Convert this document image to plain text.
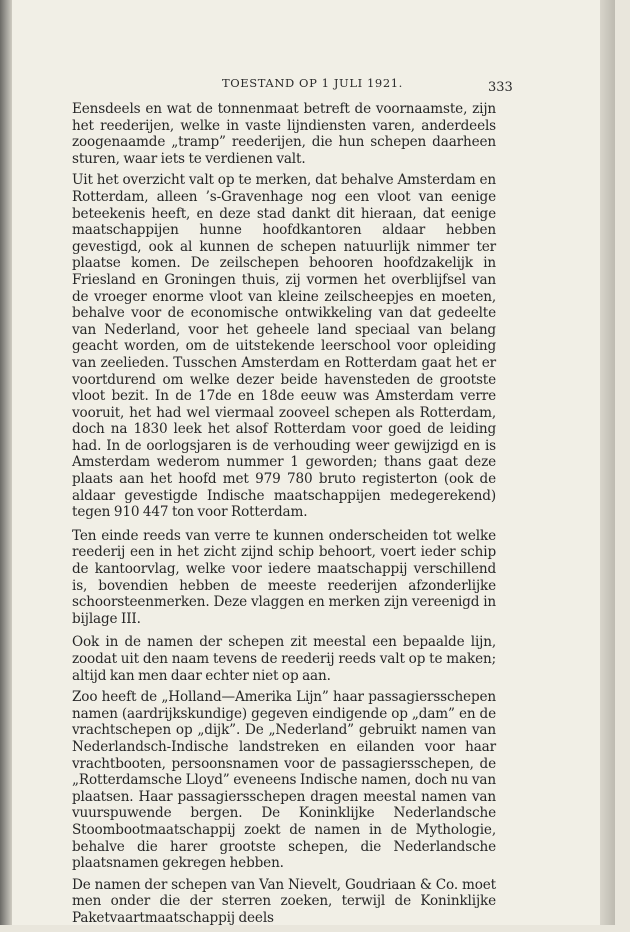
TOESTAND OP 1 JULI 1921.	333

Eensdeels en wat de tonnenmaat betreft de voornaamste, zijn het reederijen, welke in vaste lijndiensten varen, anderdeels zoogenaamde „tramp” reederijen, die hun schepen daarheen sturen, waar iets te verdienen valt.

Uit het overzicht valt op te merken, dat behalve Amsterdam en Rotterdam, alleen ’s-Gravenhage nog een vloot van eenige beteekenis heeft, en deze stad dankt dit hieraan, dat eenige maatschappijen hunne hoofdkantoren aldaar hebben gevestigd, ook al kunnen de schepen natuurlijk nimmer ter plaatse komen. De zeilschepen behooren hoofdzakelijk in Friesland en Groningen thuis, zij vormen het overblijfsel van de vroeger enorme vloot van kleine zeilscheepjes en moeten, behalve voor de economische ontwikkeling van dat gedeelte van Nederland, voor het geheele land speciaal van belang geacht worden, om de uitstekende leerschool voor opleiding van zeelieden. Tusschen Amsterdam en Rotterdam gaat het er voortdurend om welke dezer beide havensteden de grootste vloot bezit. In de 17de en 18de eeuw was Amsterdam verre vooruit, het had wel viermaal zooveel schepen als Rotterdam, doch na 1830 leek het alsof Rotterdam voor goed de leiding had. In de oorlogsjaren is de verhouding weer gewijzigd en is Amsterdam wederom nummer 1 geworden; thans gaat deze plaats aan het hoofd met 979 780 bruto registerton (ook de aldaar gevestigde Indische maatschappijen medegerekend) tegen 910 447 ton voor Rotterdam.

Ten einde reeds van verre te kunnen onderscheiden tot welke reederij een in het zicht zijnd schip behoort, voert ieder schip de kantoorvlag, welke voor iedere maatschappij verschillend is, bovendien hebben de meeste reederijen afzonderlijke schoorsteenmerken. Deze vlaggen en merken zijn vereenigd in bijlage III.

Ook in de namen der schepen zit meestal een bepaalde lijn, zoodat uit den naam tevens de reederij reeds valt op te maken; altijd kan men daar echter niet op aan.

Zoo heeft de „Holland—Amerika Lijn” haar passagiersschepen namen (aardrijkskundige) gegeven eindigende op „dam” en de vrachtschepen op „dijk”. De „Nederland” gebruikt namen van Nederlandsch-Indische landstreken en eilanden voor haar vrachtbooten, persoonsnamen voor de passagiersschepen, de „Rotterdamsche Lloyd” eveneens Indische namen, doch nu van plaatsen. Haar passagiersschepen dragen meestal namen van vuurspuwende bergen. De Koninklijke Nederlandsche Stoombootmaatschappij zoekt de namen in de Mythologie, behalve die harer grootste schepen, die Nederlandsche plaatsnamen gekregen hebben.

De namen der schepen van Van Nievelt, Goudriaan & Co. moet men onder die der sterren zoeken, terwijl de Koninklijke Paketvaartmaatschappij deels
